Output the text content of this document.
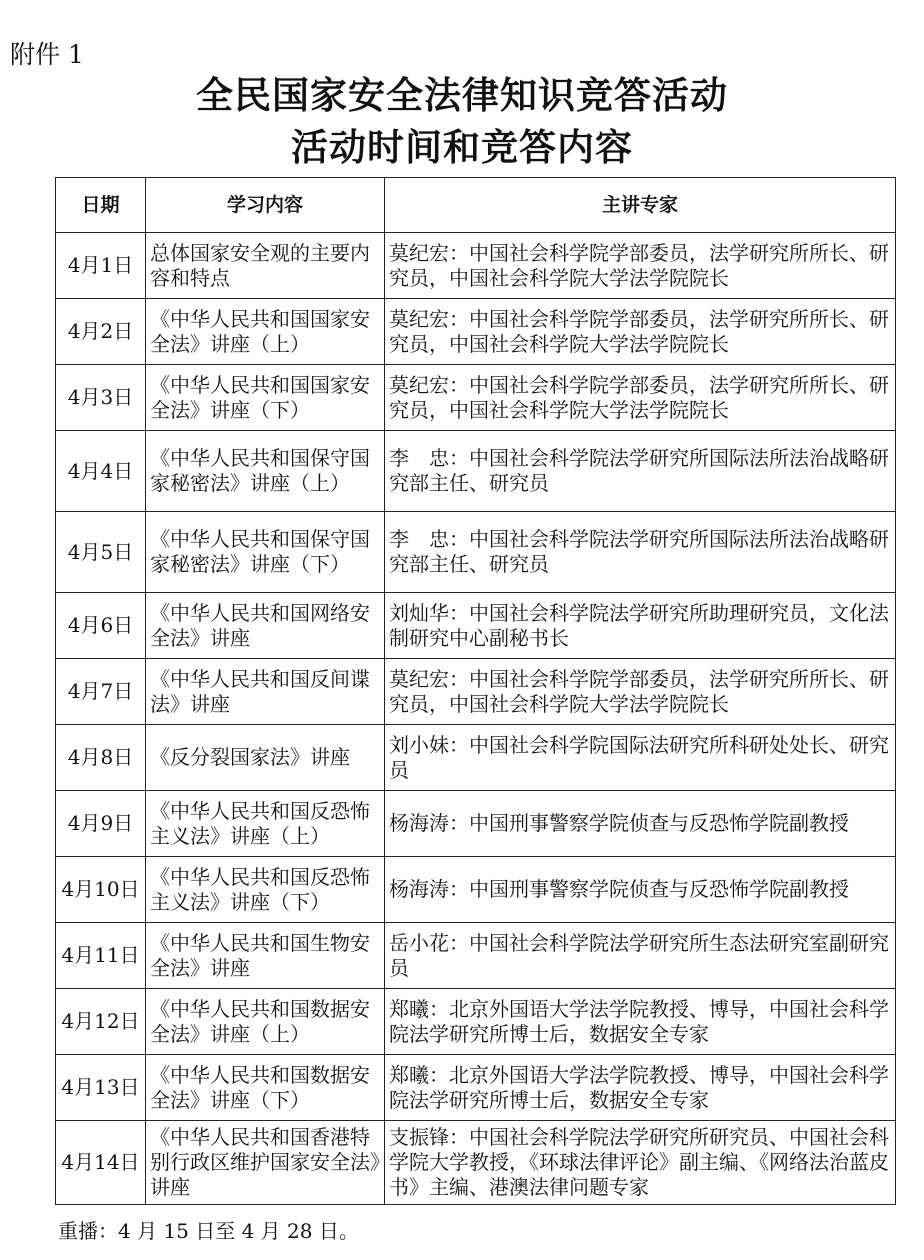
附件 1
全民国家安全法律知识竞答活动
活动时间和竞答内容
日期	学习内容	主讲专家
4月1日	总体国家安全观的主要内容和特点	莫纪宏：中国社会科学院学部委员，法学研究所所长、研究员，中国社会科学院大学法学院院长
4月2日	《中华人民共和国国家安全法》讲座（上）	莫纪宏：中国社会科学院学部委员，法学研究所所长、研究员，中国社会科学院大学法学院院长
4月3日	《中华人民共和国国家安全法》讲座（下）	莫纪宏：中国社会科学院学部委员，法学研究所所长、研究员，中国社会科学院大学法学院院长
4月4日	《中华人民共和国保守国家秘密法》讲座（上）	李　忠：中国社会科学院法学研究所国际法所法治战略研究部主任、研究员
4月5日	《中华人民共和国保守国家秘密法》讲座（下）	李　忠：中国社会科学院法学研究所国际法所法治战略研究部主任、研究员
4月6日	《中华人民共和国网络安全法》讲座	刘灿华：中国社会科学院法学研究所助理研究员，文化法制研究中心副秘书长
4月7日	《中华人民共和国反间谍法》讲座	莫纪宏：中国社会科学院学部委员，法学研究所所长、研究员，中国社会科学院大学法学院院长
4月8日	《反分裂国家法》讲座	刘小妹：中国社会科学院国际法研究所科研处处长、研究员
4月9日	《中华人民共和国反恐怖主义法》讲座（上）	杨海涛：中国刑事警察学院侦查与反恐怖学院副教授
4月10日	《中华人民共和国反恐怖主义法》讲座（下）	杨海涛：中国刑事警察学院侦查与反恐怖学院副教授
4月11日	《中华人民共和国生物安全法》讲座	岳小花：中国社会科学院法学研究所生态法研究室副研究员
4月12日	《中华人民共和国数据安全法》讲座（上）	郑曦：北京外国语大学法学院教授、博导，中国社会科学院法学研究所博士后，数据安全专家
4月13日	《中华人民共和国数据安全法》讲座（下）	郑曦：北京外国语大学法学院教授、博导，中国社会科学院法学研究所博士后，数据安全专家
4月14日	《中华人民共和国香港特别行政区维护国家安全法》讲座	支振锋：中国社会科学院法学研究所研究员、中国社会科学院大学教授，《环球法律评论》副主编、《网络法治蓝皮书》主编、港澳法律问题专家
重播：4 月 15 日至 4 月 28 日。
